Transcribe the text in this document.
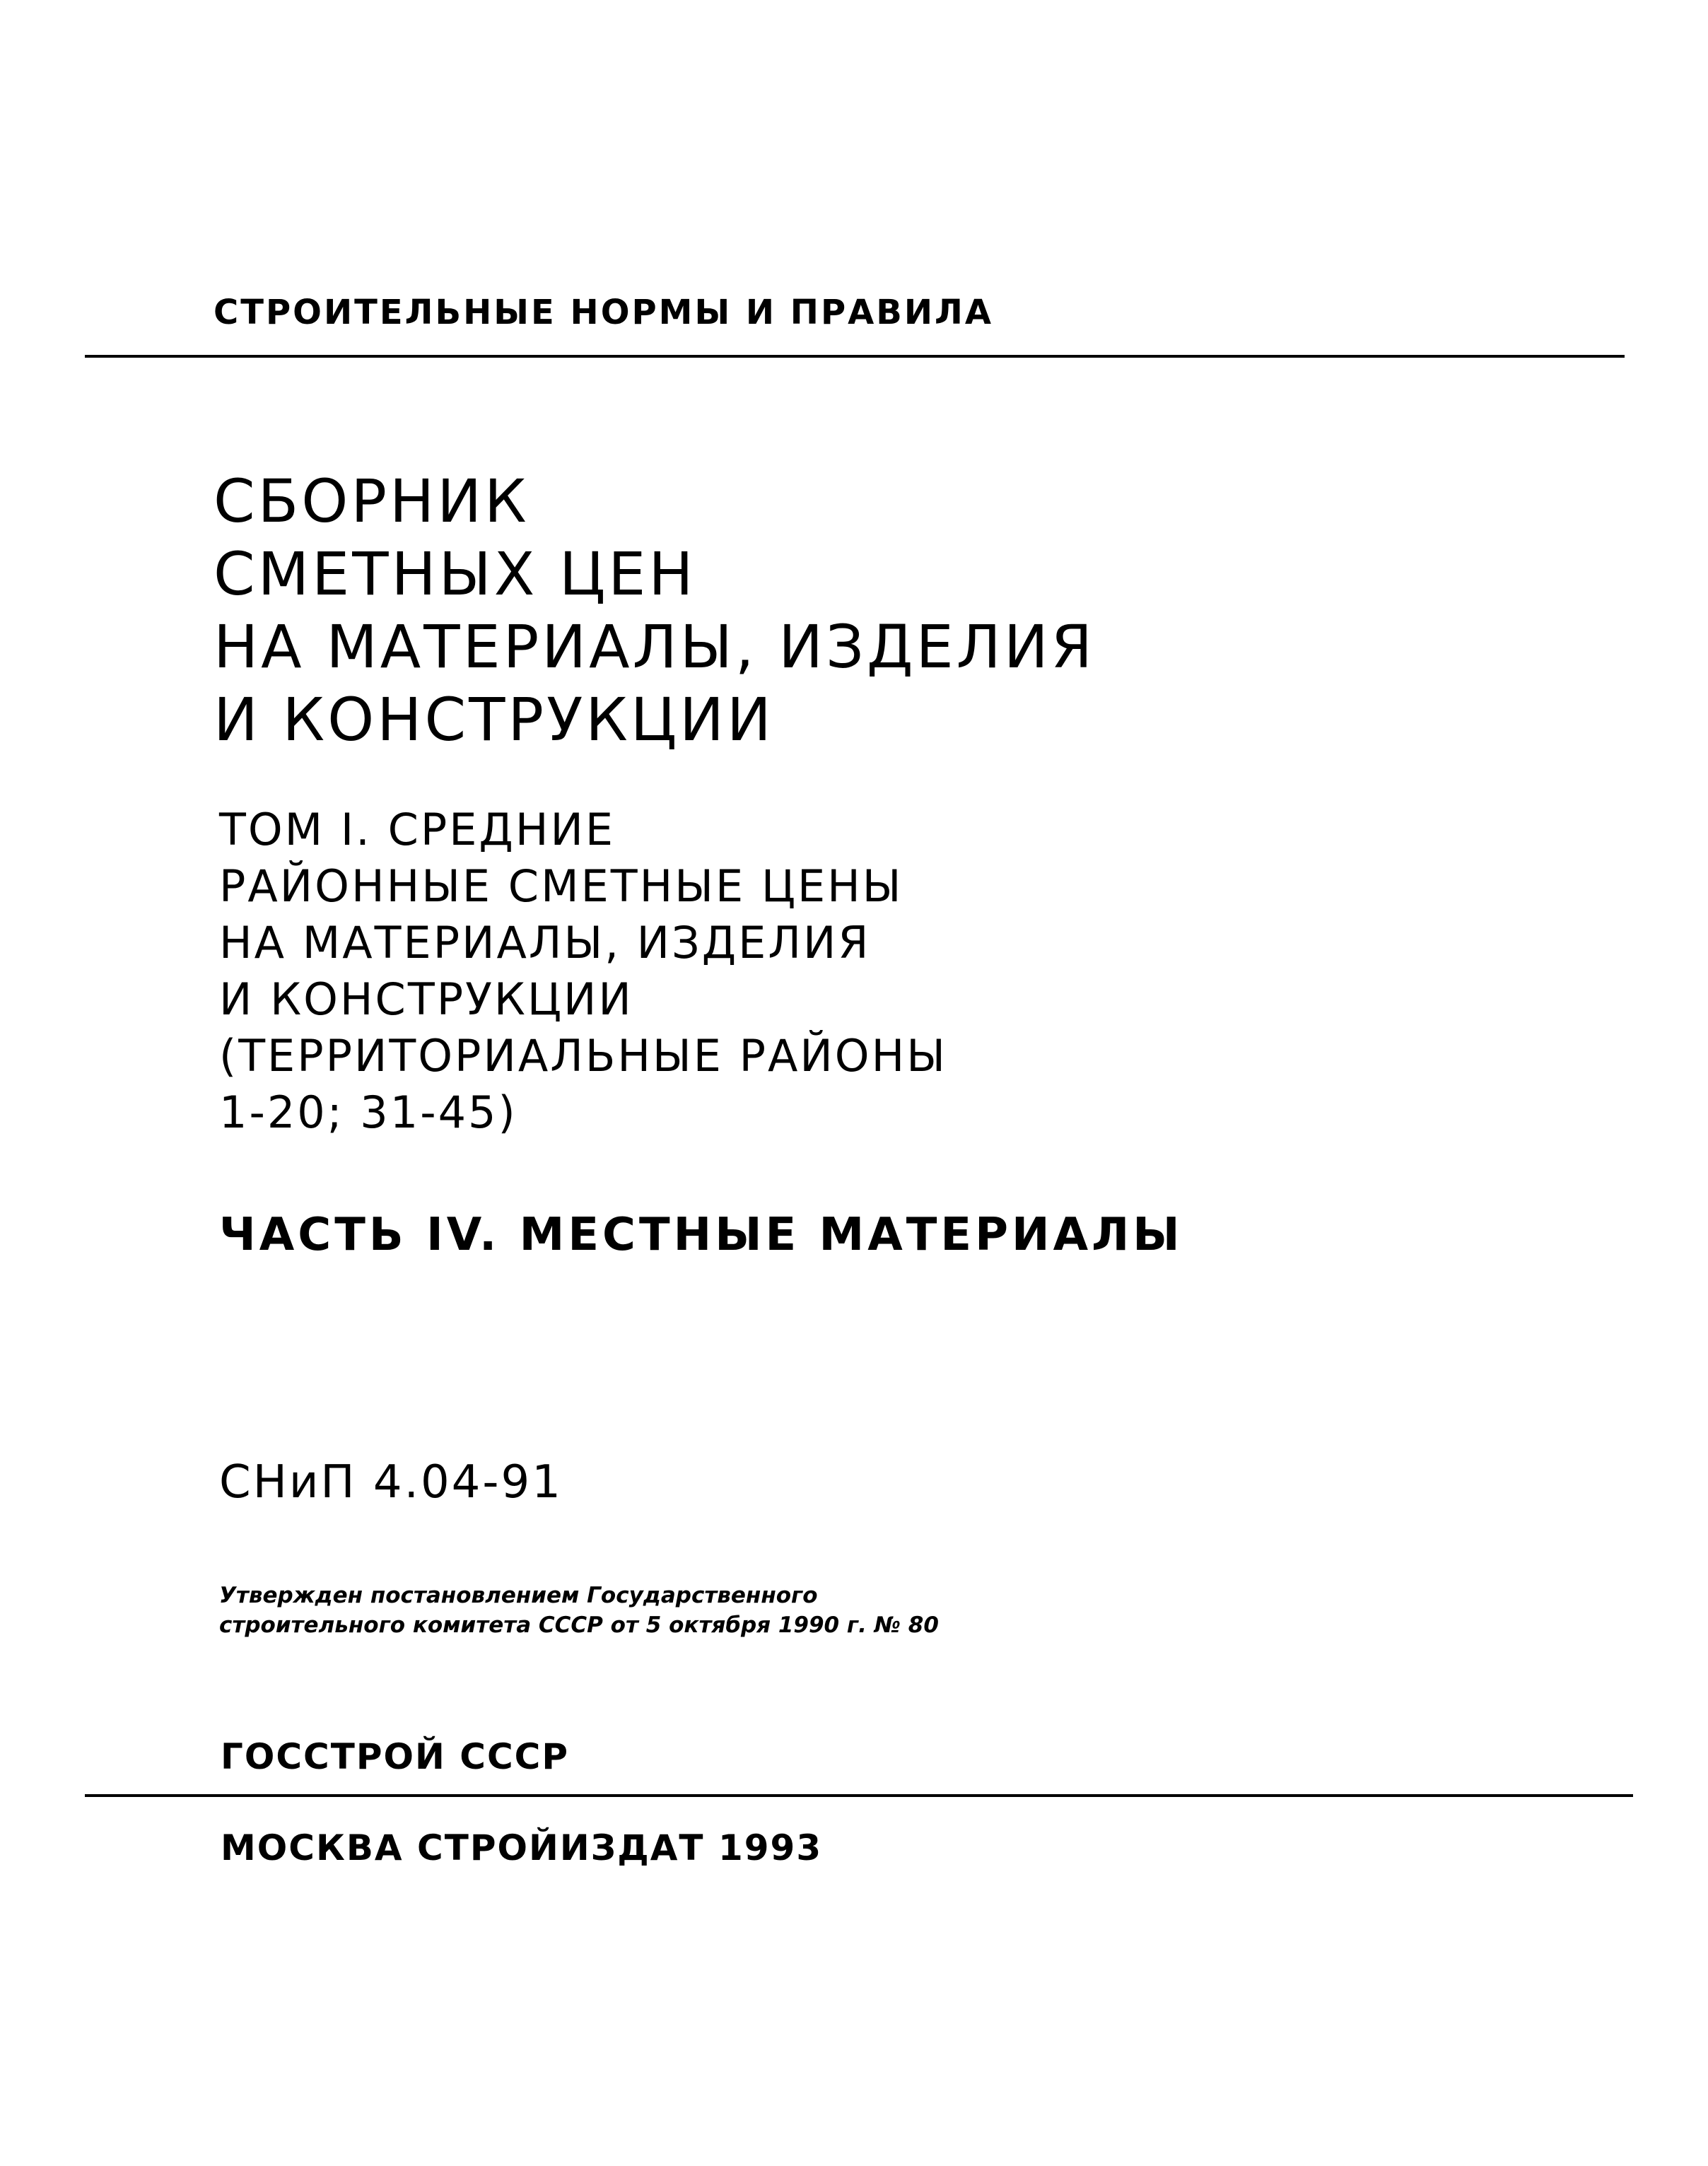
СТРОИТЕЛЬНЫЕ НОРМЫ И ПРАВИЛА
СБОРНИК
СМЕТНЫХ ЦЕН
НА МАТЕРИАЛЫ, ИЗДЕЛИЯ
И КОНСТРУКЦИИ
ТОМ I. СРЕДНИЕ
РАЙОННЫЕ СМЕТНЫЕ ЦЕНЫ
НА МАТЕРИАЛЫ, ИЗДЕЛИЯ
И КОНСТРУКЦИИ
(ТЕРРИТОРИАЛЬНЫЕ РАЙОНЫ
1-20; 31-45)
ЧАСТЬ IV. МЕСТНЫЕ МАТЕРИАЛЫ
СНиП 4.04-91
Утвержден постановлением Государственного
строительного комитета СССР от 5 октября 1990 г. № 80
ГОССТРОЙ СССР
МОСКВА СТРОЙИЗДАТ 1993
